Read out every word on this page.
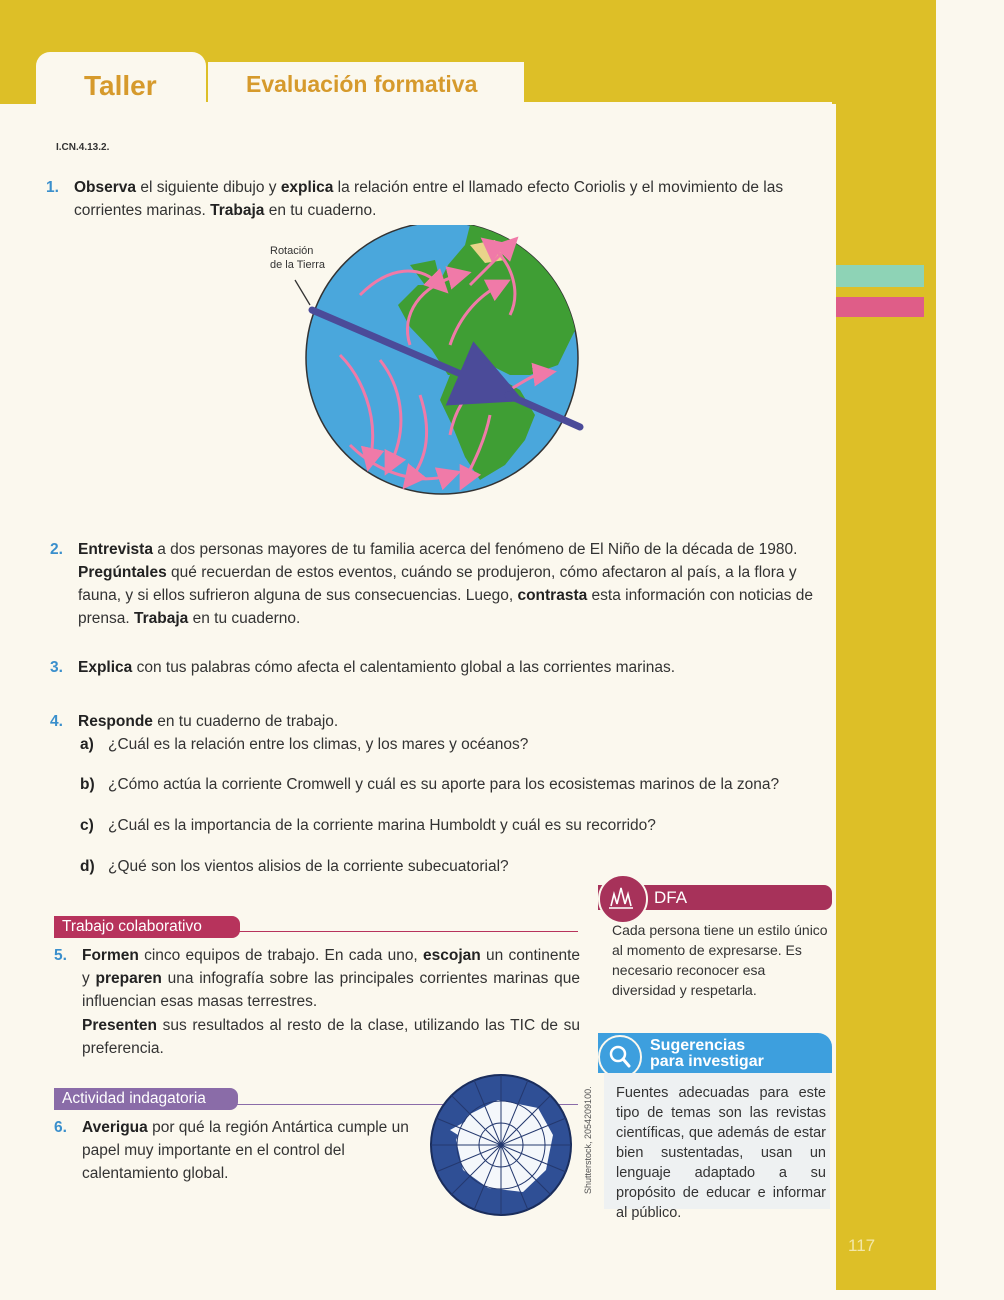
117
Taller	Evaluación formativa
I.CN.4.13.2.
1. Observa el siguiente dibujo y explica la relación entre el llamado efecto Coriolis y el movimiento de las corrientes marinas. Trabaja en tu cuaderno.
Rotación
de la Tierra
2. Entrevista a dos personas mayores de tu familia acerca del fenómeno de El Niño de la década de 1980. Pregúntales qué recuerdan de estos eventos, cuándo se produjeron, cómo afectaron al país, a la flora y fauna, y si ellos sufrieron alguna de sus consecuencias. Luego, contrasta esta información con noticias de prensa. Trabaja en tu cuaderno.
3. Explica con tus palabras cómo afecta el calentamiento global a las corrientes marinas.
4. Responde en tu cuaderno de trabajo.
a) ¿Cuál es la relación entre los climas, y los mares y océanos?
b) ¿Cómo actúa la corriente Cromwell y cuál es su aporte para los ecosistemas marinos de la zona?
c) ¿Cuál es la importancia de la corriente marina Humboldt y cuál es su recorrido?
d) ¿Qué son los vientos alisios de la corriente subecuatorial?
Trabajo colaborativo
5. Formen cinco equipos de trabajo. En cada uno, escojan un continente y preparen una infografía sobre las principales corrientes marinas que influencian esas masas terrestres.
Presenten sus resultados al resto de la clase, utilizando las TIC de su preferencia.
Actividad indagatoria
6. Averigua por qué la región Antártica cumple un papel muy importante en el control del calentamiento global.	Shutterstock, 2054209100.
DFA
Cada persona tiene un estilo único al momento de expresarse. Es necesario reconocer esa diversidad y respetarla.
Sugerencias
para investigar
Fuentes adecuadas para este tipo de temas son las revistas científicas, que además de estar bien sustentadas, usan un lenguaje adaptado a su propósito de educar e informar al público.
